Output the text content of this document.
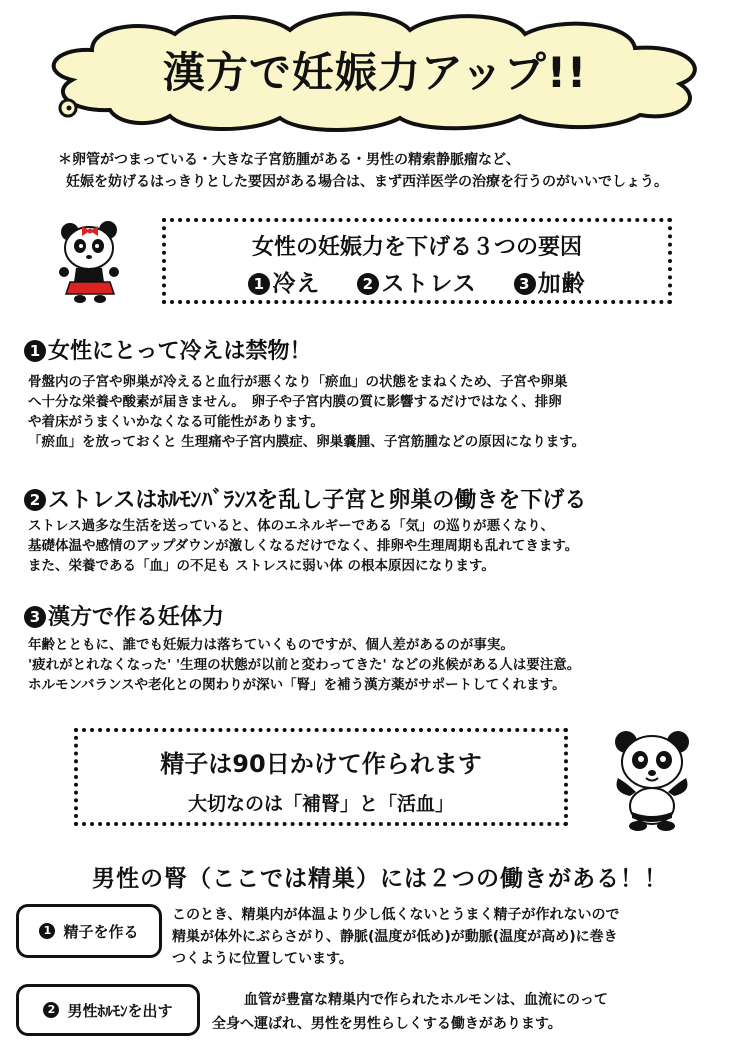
漢方で妊娠力アップ!!
＊卵管がつまっている・大きな子宮筋腫がある・男性の精索静脈瘤など、
妊娠を妨げるはっきりとした要因がある場合は、まず西洋医学の治療を行うのがいいでしょう。
女性の妊娠力を下げる３つの要因
1 冷え	2 ストレス	3 加齢
1 女性にとって冷えは禁物！
骨盤内の子宮や卵巣が冷えると血行が悪くなり「瘀血」の状態をまねくため、子宮や卵巣
へ十分な栄養や酸素が届きません。　卵子や子宮内膜の質に影響するだけではなく、排卵
や着床がうまくいかなくなる可能性があります。
「瘀血」を放っておくと 生理痛や子宮内膜症、卵巣嚢腫、子宮筋腫などの原因になります。
2 ストレスはﾎﾙﾓﾝﾊﾞﾗﾝｽを乱し子宮と卵巣の働きを下げる
ストレス過多な生活を送っていると、体のエネルギーである「気」の巡りが悪くなり、
基礎体温や感情のアップダウンが激しくなるだけでなく、排卵や生理周期も乱れてきます。
また、栄養である「血」の不足も ストレスに弱い体 の根本原因になります。
3 漢方で作る妊体力
年齢とともに、誰でも妊娠力は落ちていくものですが、個人差があるのが事実。
'疲れがとれなくなった' '生理の状態が以前と変わってきた' などの兆候がある人は要注意。
ホルモンバランスや老化との関わりが深い「腎」を補う漢方薬がサポートしてくれます。
精子は90日かけて作られます
大切なのは「補腎」と「活血」
男性の腎（ここでは精巣）には２つの働きがある！！
1 精子を作る
このとき、精巣内が体温より少し低くないとうまく精子が作れないので
精巣が体外にぶらさがり、静脈(温度が低め)が動脈(温度が高め)に巻き
つくように位置しています。
2 男性ﾎﾙﾓﾝを出す
血管が豊富な精巣内で作られたホルモンは、血流にのって
全身へ運ばれ、男性を男性らしくする働きがあります。
